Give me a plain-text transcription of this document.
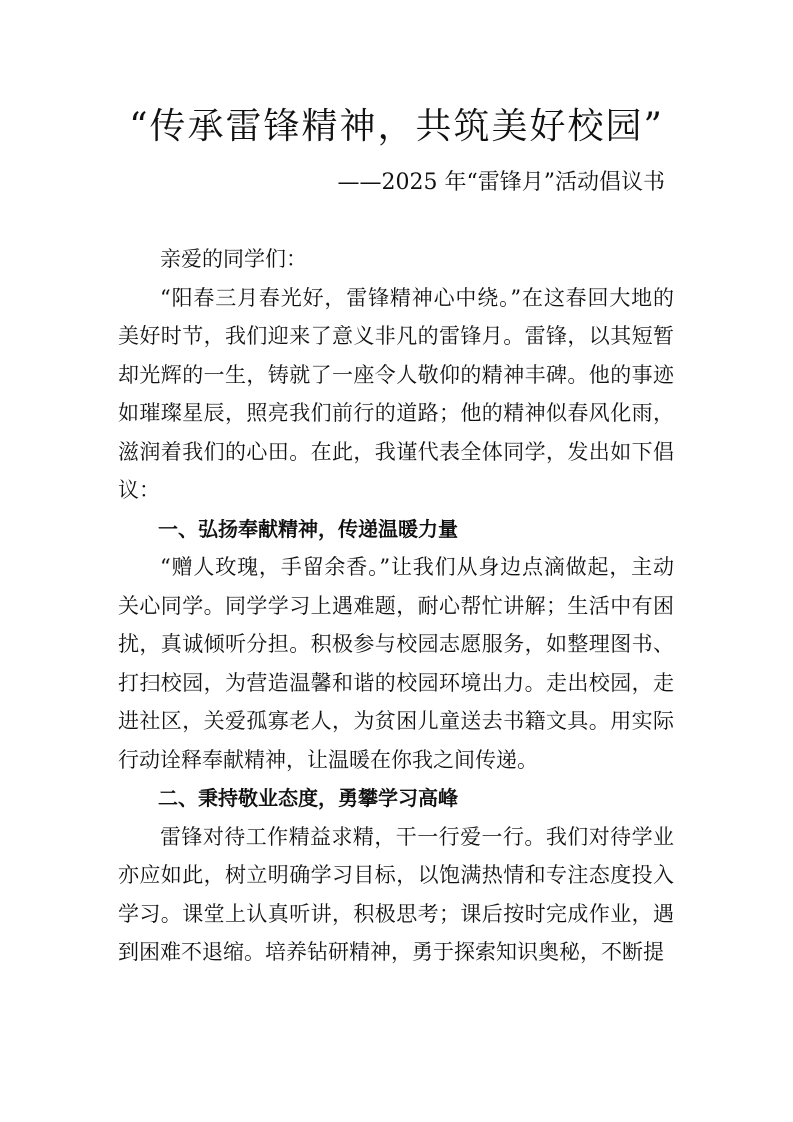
“传承雷锋精神，共筑美好校园”
——2025 年“雷锋月”活动倡议书

亲爱的同学们：

“阳春三月春光好，雷锋精神心中绕。”在这春回大地的美好时节，我们迎来了意义非凡的雷锋月。雷锋，以其短暂却光辉的一生，铸就了一座令人敬仰的精神丰碑。他的事迹如璀璨星辰，照亮我们前行的道路；他的精神似春风化雨，滋润着我们的心田。在此，我谨代表全体同学，发出如下倡议：

一、弘扬奉献精神，传递温暖力量

“赠人玫瑰，手留余香。”让我们从身边点滴做起，主动关心同学。同学学习上遇难题，耐心帮忙讲解；生活中有困扰，真诚倾听分担。积极参与校园志愿服务，如整理图书、打扫校园，为营造温馨和谐的校园环境出力。走出校园，走进社区，关爱孤寡老人，为贫困儿童送去书籍文具。用实际行动诠释奉献精神，让温暖在你我之间传递。

二、秉持敬业态度，勇攀学习高峰

雷锋对待工作精益求精，干一行爱一行。我们对待学业亦应如此，树立明确学习目标，以饱满热情和专注态度投入学习。课堂上认真听讲，积极思考；课后按时完成作业，遇到困难不退缩。培养钻研精神，勇于探索知识奥秘，不断提
